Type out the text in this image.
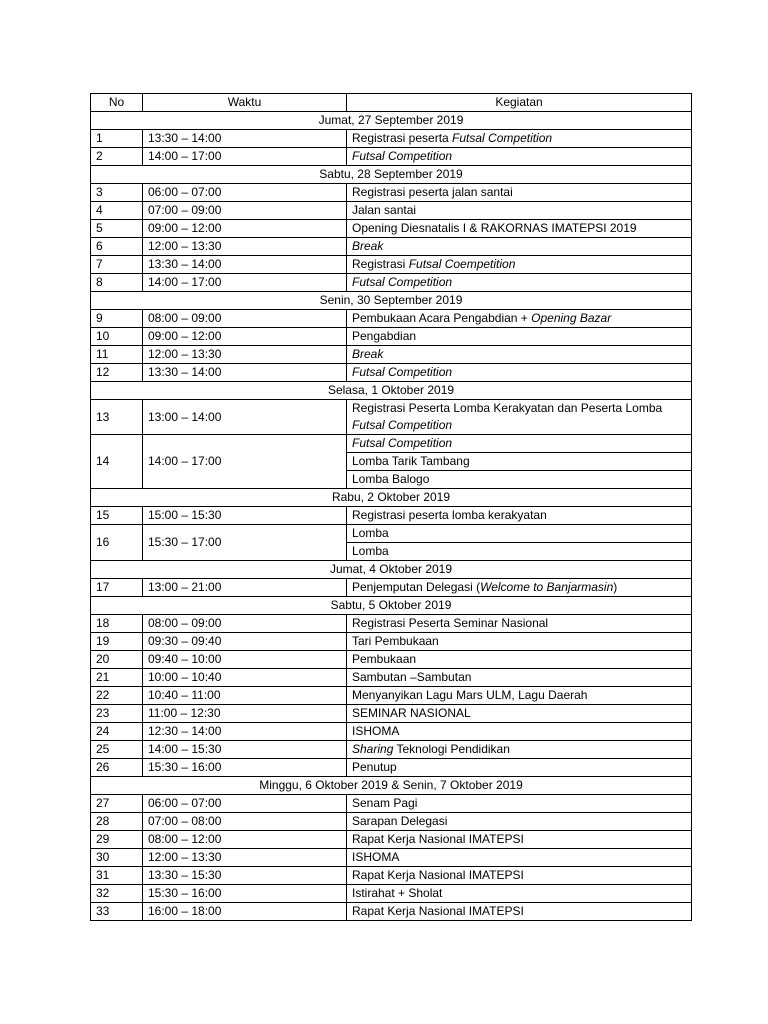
No	Waktu	Kegiatan
Jumat, 27 September 2019		
1	13:30 – 14:00	Registrasi peserta Futsal Competition
2	14:00 – 17:00	Futsal Competition
Sabtu, 28 September 2019		
3	06:00 – 07:00	Registrasi peserta jalan santai
4	07:00 – 09:00	Jalan santai
5	09:00 – 12:00	Opening Diesnatalis I & RAKORNAS IMATEPSI 2019
6	12:00 – 13:30	Break
7	13:30 – 14:00	Registrasi Futsal Coempetition
8	14:00 – 17:00	Futsal Competition
Senin, 30 September 2019		
9	08:00 – 09:00	Pembukaan Acara Pengabdian + Opening Bazar
10	09:00 – 12:00	Pengabdian
11	12:00 – 13:30	Break
12	13:30 – 14:00	Futsal Competition
Selasa, 1 Oktober 2019		
13	13:00 – 14:00	Registrasi Peserta Lomba Kerakyatan dan Peserta Lomba
Futsal Competition
14	14:00 – 17:00	Futsal Competition
		Lomba Tarik Tambang
		Lomba Balogo
Rabu, 2 Oktober 2019		
15	15:00 – 15:30	Registrasi peserta lomba kerakyatan
16	15:30 – 17:00	Lomba
		Lomba
Jumat, 4 Oktober 2019		
17	13:00 – 21:00	Penjemputan Delegasi (Welcome to Banjarmasin)
Sabtu, 5 Oktober 2019		
18	08:00 – 09:00	Registrasi Peserta Seminar Nasional
19	09:30 – 09:40	Tari Pembukaan
20	09:40 – 10:00	Pembukaan
21	10:00 – 10:40	Sambutan –Sambutan
22	10:40 – 11:00	Menyanyikan Lagu Mars ULM, Lagu Daerah
23	11:00 – 12:30	SEMINAR NASIONAL
24	12:30 – 14:00	ISHOMA
25	14:00 – 15:30	Sharing Teknologi Pendidikan
26	15:30 – 16:00	Penutup
Minggu, 6 Oktober 2019 & Senin, 7 Oktober 2019		
27	06:00 – 07:00	Senam Pagi
28	07:00 – 08:00	Sarapan Delegasi
29	08:00 – 12:00	Rapat Kerja Nasional IMATEPSI
30	12:00 – 13:30	ISHOMA
31	13:30 – 15:30	Rapat Kerja Nasional IMATEPSI
32	15:30 – 16:00	Istirahat + Sholat
33	16:00 – 18:00	Rapat Kerja Nasional IMATEPSI
